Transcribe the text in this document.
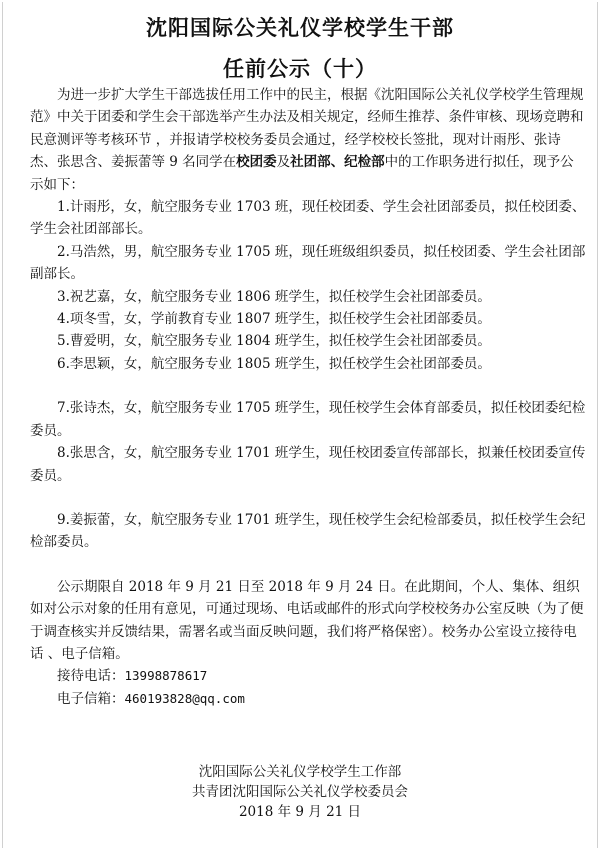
沈阳国际公关礼仪学校学生干部
任前公示（十）

为进一步扩大学生干部选拔任用工作中的民主，根据《沈阳国际公关礼仪学校学生管理规范》中关于团委和学生会干部选举产生办法及相关规定，经师生推荐、条件审核、现场竞聘和民意测评等考核环节 ，并报请学校校务委员会通过，经学校校长签批，现对计雨彤、张诗杰、张思含、姜振蕾等 9 名同学在校团委及社团部、纪检部中的工作职务进行拟任，现予公示如下：

1.计雨彤，女，航空服务专业 1703 班，现任校团委、学生会社团部委员，拟任校团委、学生会社团部部长。

2.马浩然，男，航空服务专业 1705 班，现任班级组织委员，拟任校团委、学生会社团部副部长。

3.祝艺嘉，女，航空服务专业 1806 班学生，拟任校学生会社团部委员。

4.项冬雪，女，学前教育专业 1807 班学生，拟任校学生会社团部委员。

5.曹爱明，女，航空服务专业 1804 班学生，拟任校学生会社团部委员。

6.李思颖，女，航空服务专业 1805 班学生，拟任校学生会社团部委员。

7.张诗杰，女，航空服务专业 1705 班学生，现任校学生会体育部委员，拟任校团委纪检委员。

8.张思含，女，航空服务专业 1701 班学生，现任校团委宣传部部长，拟兼任校团委宣传委员。

9.姜振蕾，女，航空服务专业 1701 班学生，现任校学生会纪检部委员，拟任校学生会纪检部委员。

公示期限自 2018 年 9 月 21 日至 2018 年 9 月 24 日。在此期间，个人、集体、组织如对公示对象的任用有意见，可通过现场、电话或邮件的形式向学校校务办公室反映（为了便于调查核实并反馈结果，需署名或当面反映问题，我们将严格保密）。校务办公室设立接待电话 、电子信箱。

接待电话：13998878617

电子信箱：460193828@qq.com

沈阳国际公关礼仪学校学生工作部

共青团沈阳国际公关礼仪学校委员会

2018 年 9 月 21 日
